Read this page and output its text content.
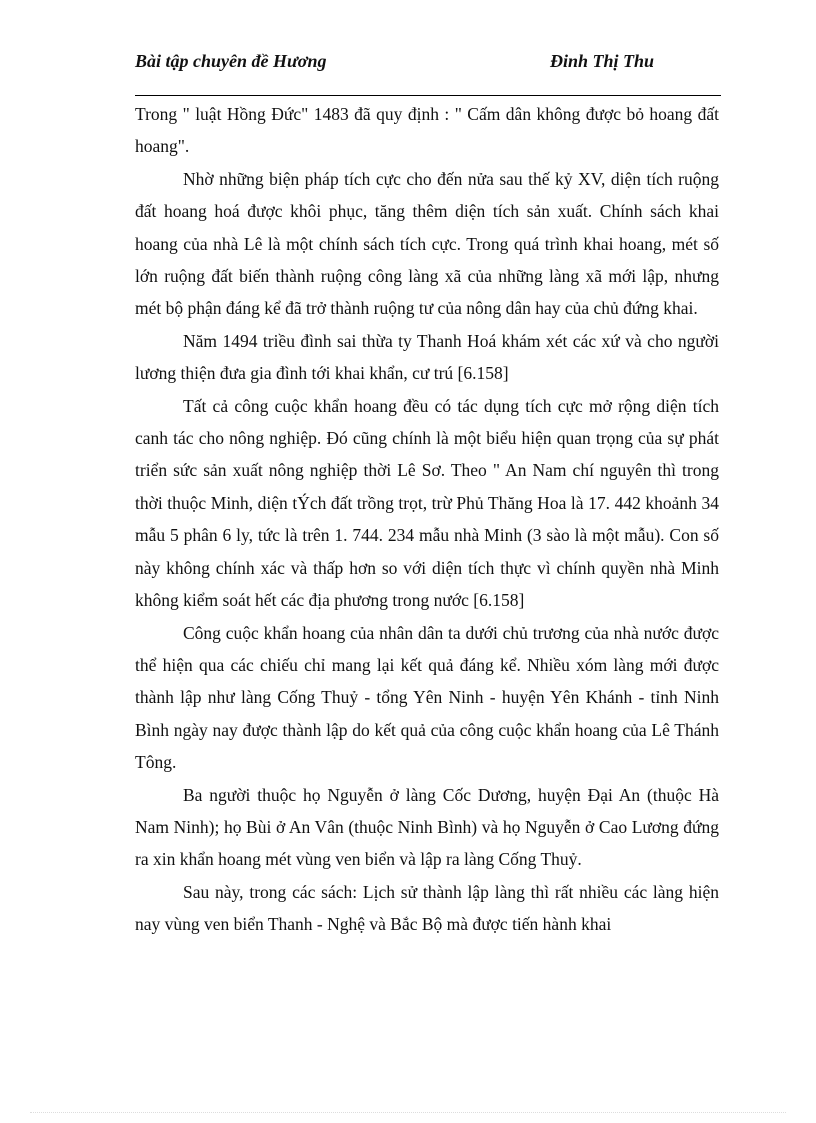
Bài tập chuyên đề Hương	Đinh Thị Thu

Trong " luật Hồng Đức" 1483 đã quy định : " Cấm dân không được bỏ hoang đất hoang".

Nhờ những biện pháp tích cực cho đến nửa sau thế kỷ XV, diện tích ruộng đất hoang hoá được khôi phục, tăng thêm diện tích sản xuất. Chính sách khai hoang của nhà Lê là một chính sách tích cực. Trong quá trình khai hoang, mét số lớn ruộng đất biến thành ruộng công làng xã của những làng xã mới lập, nhưng mét bộ phận đáng kể đã trở thành ruộng tư của nông dân hay của chủ đứng khai.

Năm 1494 triều đình sai thừa ty Thanh Hoá khám xét các xứ và cho người lương thiện đưa gia đình tới khai khẩn, cư trú [6.158]

Tất cả công cuộc khẩn hoang đều có tác dụng tích cực mở rộng diện tích canh tác cho nông nghiệp. Đó cũng chính là một biểu hiện quan trọng của sự phát triển sức sản xuất nông nghiệp thời Lê Sơ. Theo " An Nam chí nguyên thì trong thời thuộc Minh, diện tÝch đất trồng trọt, trừ Phủ Thăng Hoa là 17. 442 khoảnh 34 mẫu 5 phân 6 ly, tức là trên 1. 744. 234 mẫu nhà Minh (3 sào là một mẫu). Con số này không chính xác và thấp hơn so với diện tích thực vì chính quyền nhà Minh không kiểm soát hết các địa phương trong nước [6.158]

Công cuộc khẩn hoang của nhân dân ta dưới chủ trương của nhà nước được thể hiện qua các chiếu chỉ mang lại kết quả đáng kể. Nhiều xóm làng mới được thành lập như làng Cống Thuỷ - tổng Yên Ninh - huyện Yên Khánh - tỉnh Ninh Bình ngày nay được thành lập do kết quả của công cuộc khẩn hoang của Lê Thánh Tông.

Ba người thuộc họ Nguyễn ở làng Cốc Dương, huyện Đại An (thuộc Hà Nam Ninh); họ Bùi ở An Vân (thuộc Ninh Bình) và họ Nguyễn ở Cao Lương đứng ra xin khẩn hoang mét vùng ven biển và lập ra làng Cống Thuỷ.

Sau này, trong các sách: Lịch sử thành lập làng thì rất nhiều các làng hiện nay vùng ven biển Thanh - Nghệ và Bắc Bộ mà được tiến hành khai
